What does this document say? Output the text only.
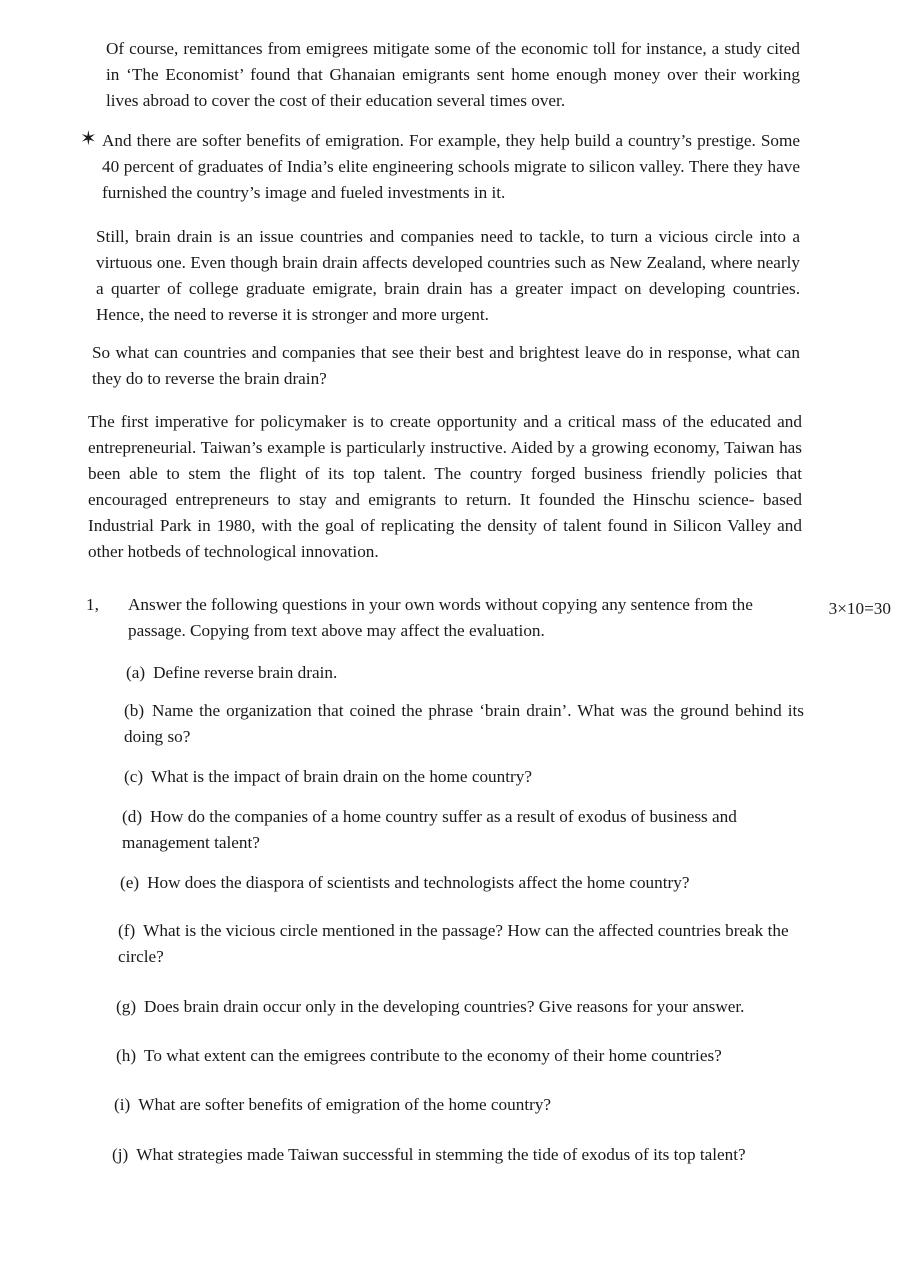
Of course, remittances from emigrees mitigate some of the economic toll for instance, a study cited in ‘The Economist’ found that Ghanaian emigrants sent home enough money over their working lives abroad to cover the cost of their education several times over.

✶ And there are softer benefits of emigration. For example, they help build a country’s prestige. Some 40 percent of graduates of India’s elite engineering schools migrate to silicon valley. There they have furnished the country’s image and fueled investments in it.

Still, brain drain is an issue countries and companies need to tackle, to turn a vicious circle into a virtuous one. Even though brain drain affects developed countries such as New Zealand, where nearly a quarter of college graduate emigrate, brain drain has a greater impact on developing countries. Hence, the need to reverse it is stronger and more urgent.

So what can countries and companies that see their best and brightest leave do in response, what can they do to reverse the brain drain?

The first imperative for policymaker is to create opportunity and a critical mass of the educated and entrepreneurial. Taiwan’s example is particularly instructive. Aided by a growing economy, Taiwan has been able to stem the flight of its top talent. The country forged business friendly policies that encouraged entrepreneurs to stay and emigrants to return. It founded the Hinschu science- based Industrial Park in 1980, with the goal of replicating the density of talent found in Silicon Valley and other hotbeds of technological innovation.

1, Answer the following questions in your own words without copying any sentence from the passage. Copying from text above may affect the evaluation.

3×10=30

(a) Define reverse brain drain.

(b) Name the organization that coined the phrase ‘brain drain’. What was the ground behind its doing so?

(c) What is the impact of brain drain on the home country?

(d) How do the companies of a home country suffer as a result of exodus of business and management talent?

(e) How does the diaspora of scientists and technologists affect the home country?

(f) What is the vicious circle mentioned in the passage? How can the affected countries break the circle?

(g) Does brain drain occur only in the developing countries? Give reasons for your answer.

(h) To what extent can the emigrees contribute to the economy of their home countries?

(i) What are softer benefits of emigration of the home country?

(j) What strategies made Taiwan successful in stemming the tide of exodus of its top talent?
